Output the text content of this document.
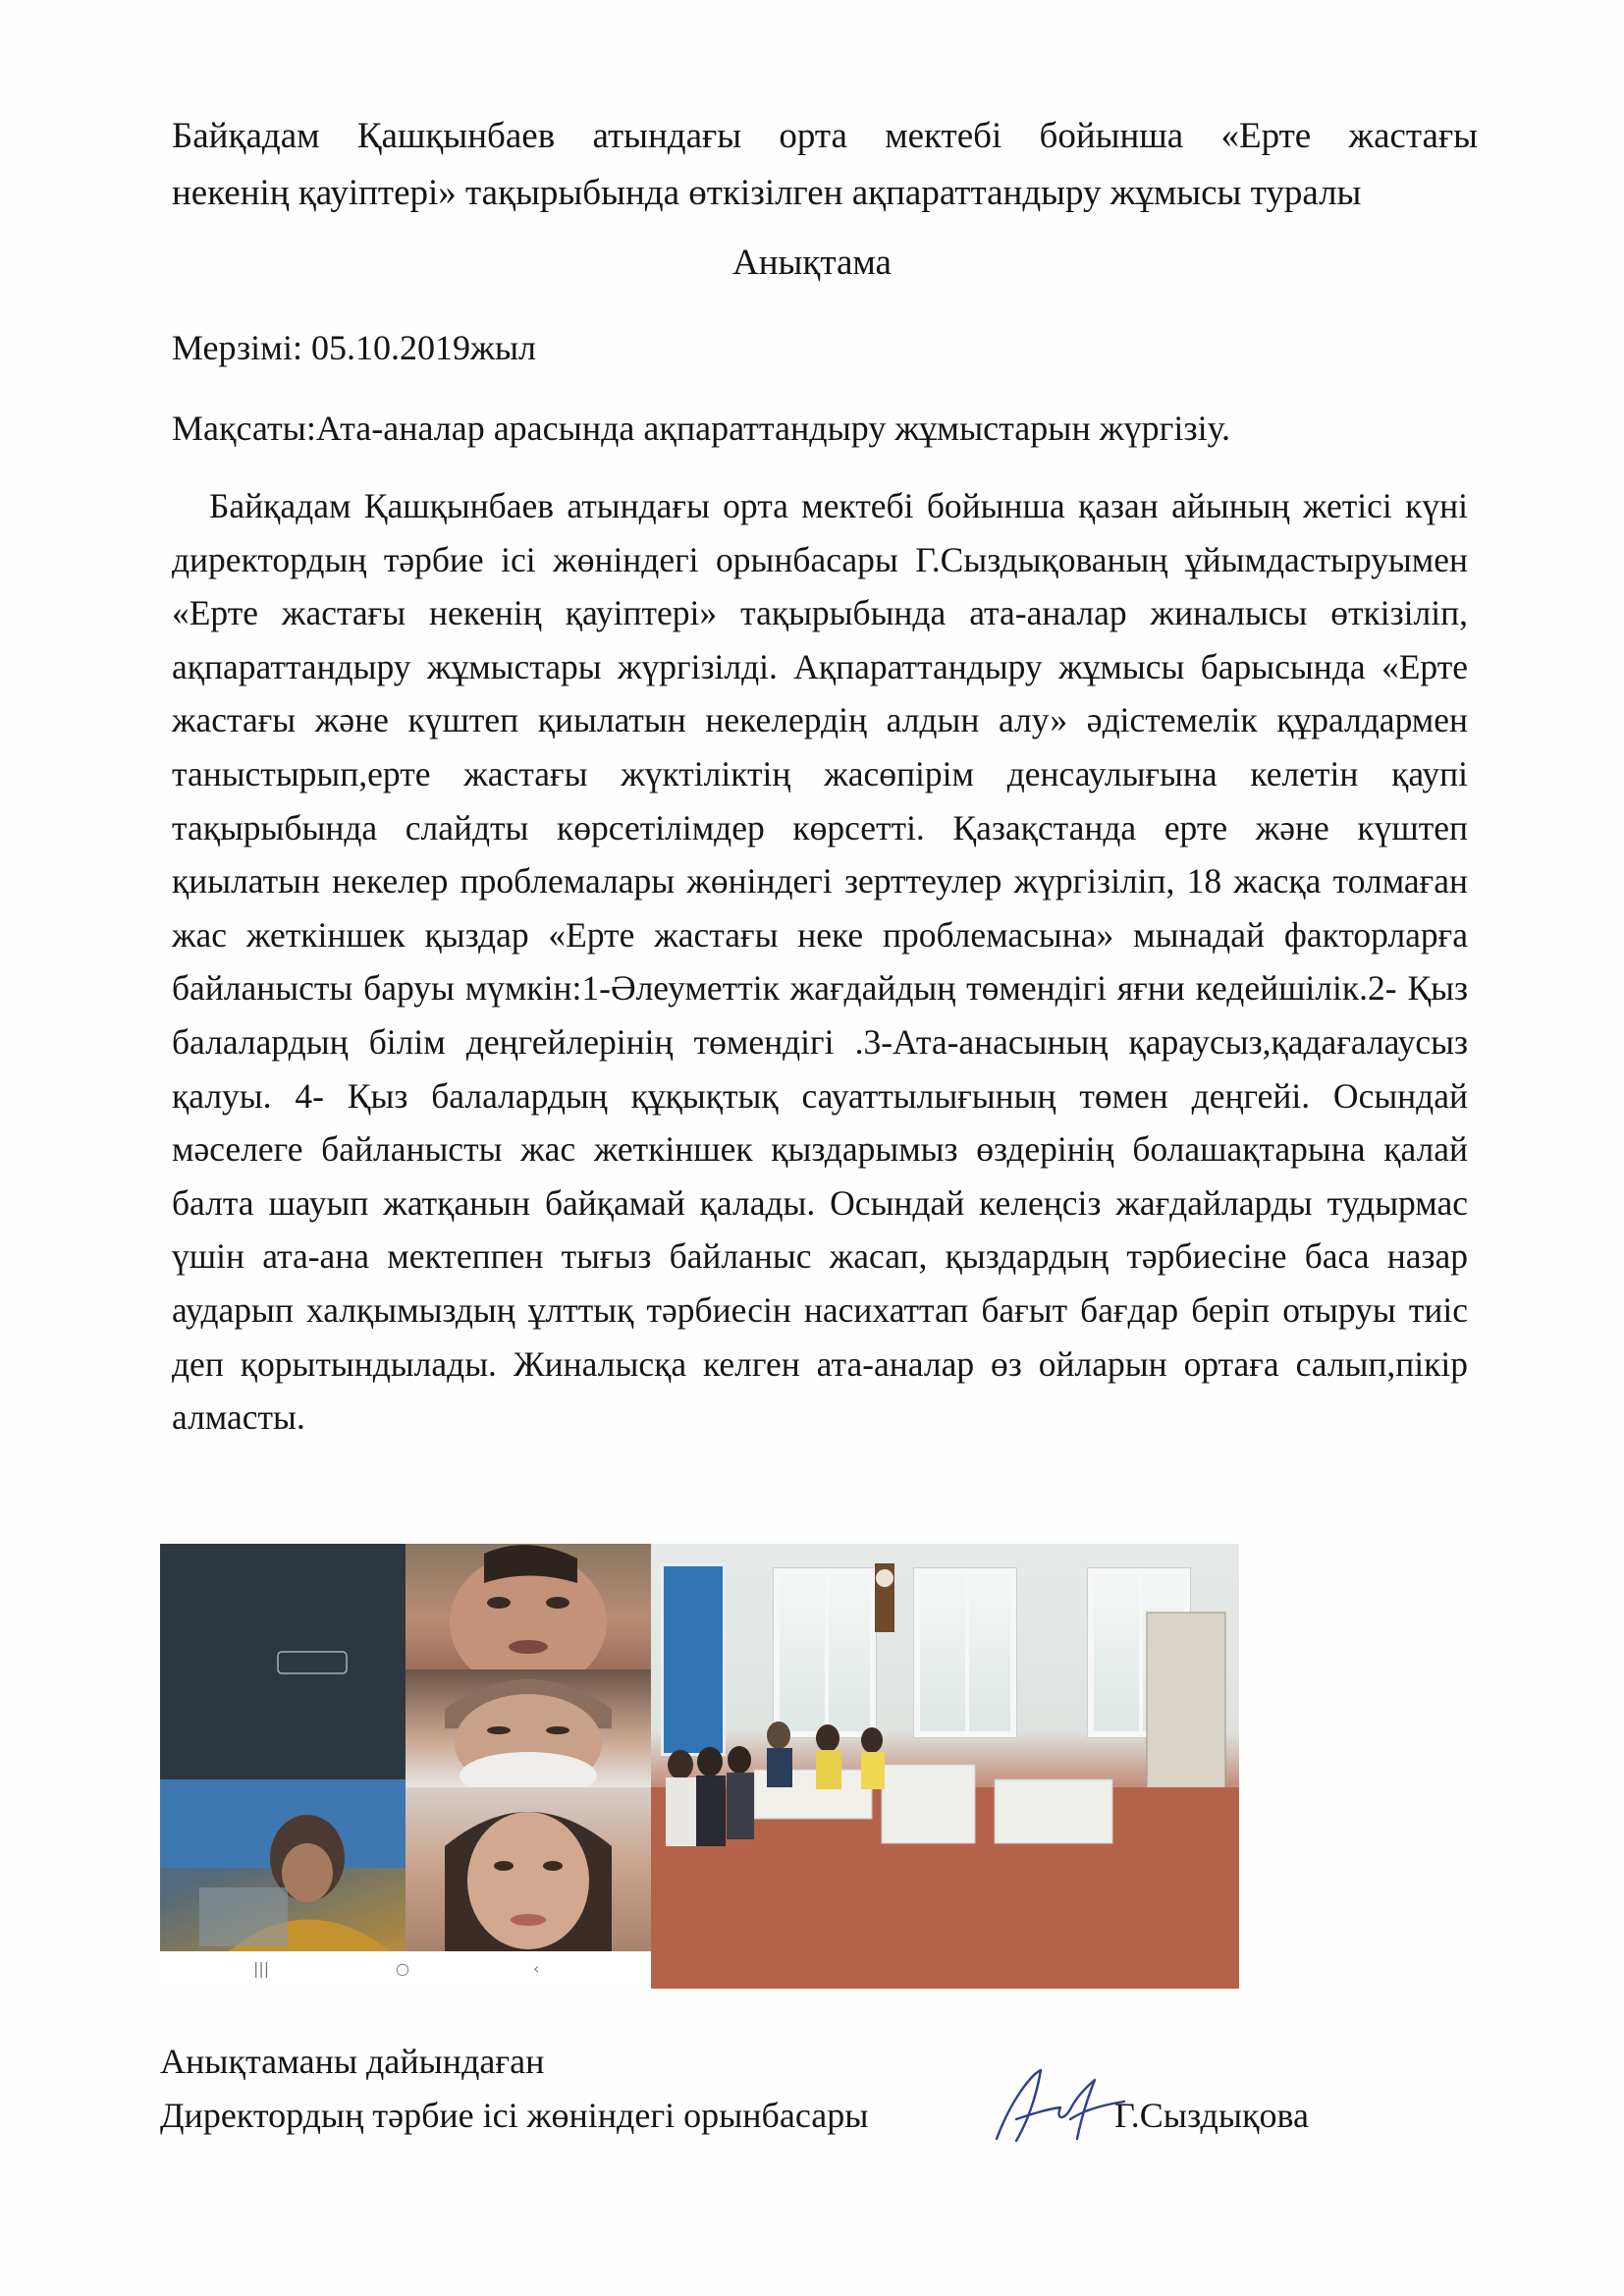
Байқадам Қашқынбаев атындағы орта мектебі бойынша «Ерте жастағы
некенің қауіптері» тақырыбында өткізілген ақпараттандыру жұмысы туралы
Анықтама
Мерзімі: 05.10.2019жыл
Мақсаты:Ата-аналар арасында ақпараттандыру жұмыстарын жүргізіу.

Байқадам Қашқынбаев атындағы орта мектебі бойынша қазан айының жетісі күні директордың тәрбие ісі жөніндегі орынбасары Г.Сыздықованың ұйымдастыруымен «Ерте жастағы некенің қауіптері» тақырыбында ата-аналар жиналысы өткізіліп, ақпараттандыру жұмыстары жүргізілді. Ақпараттандыру жұмысы барысында «Ерте жастағы және күштеп қиылатын некелердің алдын алу» әдістемелік құралдармен таныстырып,ерте жастағы жүктіліктің жасөпірім денсаулығына келетін қаупі тақырыбында слайдты көрсетілімдер көрсетті. Қазақстанда ерте және күштеп қиылатын некелер проблемалары жөніндегі зерттеулер жүргізіліп, 18 жасқа толмаған жас жеткіншек қыздар «Ерте жастағы неке проблемасына» мынадай факторларға байланысты баруы мүмкін:1-Әлеуметтік жағдайдың төмендігі яғни кедейшілік.2- Қыз балалардың білім деңгейлерінің төмендігі .3-Ата-анасының қараусыз,қадағалаусыз қалуы. 4- Қыз балалардың құқықтық сауаттылығының төмен деңгейі. Осындай мәселеге байланысты жас жеткіншек қыздарымыз өздерінің болашақтарына қалай балта шауып жатқанын байқамай қалады. Осындай келеңсіз жағдайларды тудырмас үшін ата-ана мектеппен тығыз байланыс жасап, қыздардың тәрбиесіне баса назар аударып халқымыздың ұлттық тәрбиесін насихаттап бағыт бағдар беріп отыруы тиіс деп қорытындылады. Жиналысқа келген ата-аналар өз ойларын ортаға салып,пікір алмасты.

|||	○	‹
Анықтаманы дайындаған
Директордың тәрбие ісі жөніндегі орынбасары	Г.Сыздықова
